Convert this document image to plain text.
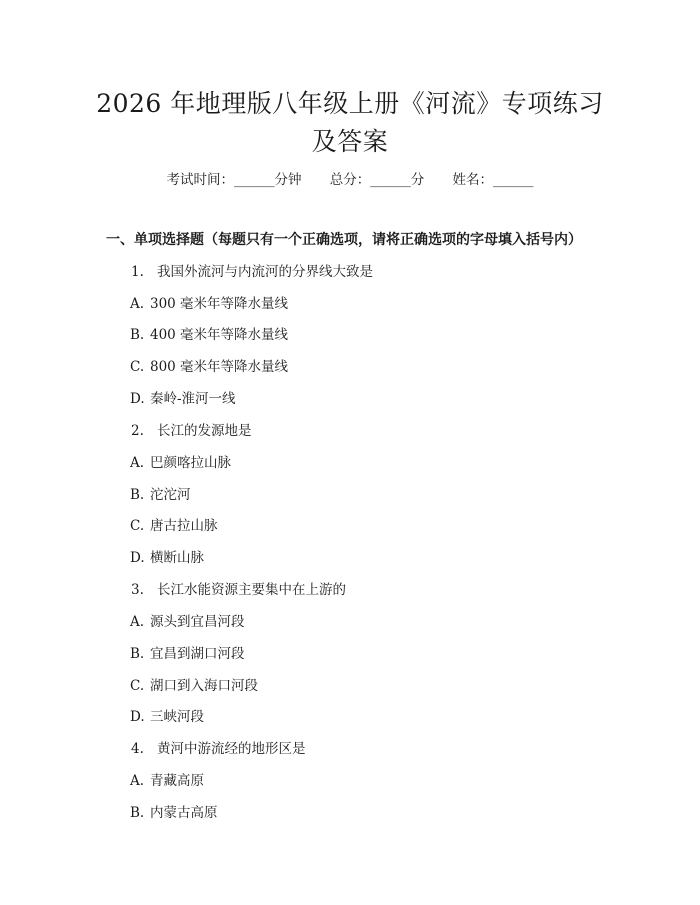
2026 年地理版八年级上册《河流》专项练习
及答案
考试时间：______分钟 总分：______分 姓名：______
一、单项选择题（每题只有一个正确选项，请将正确选项的字母填入括号内）
1. 我国外流河与内流河的分界线大致是
A. 300 毫米年等降水量线
B. 400 毫米年等降水量线
C. 800 毫米年等降水量线
D. 秦岭-淮河一线
2. 长江的发源地是
A. 巴颜喀拉山脉
B. 沱沱河
C. 唐古拉山脉
D. 横断山脉
3. 长江水能资源主要集中在上游的
A. 源头到宜昌河段
B. 宜昌到湖口河段
C. 湖口到入海口河段
D. 三峡河段
4. 黄河中游流经的地形区是
A. 青藏高原
B. 内蒙古高原
